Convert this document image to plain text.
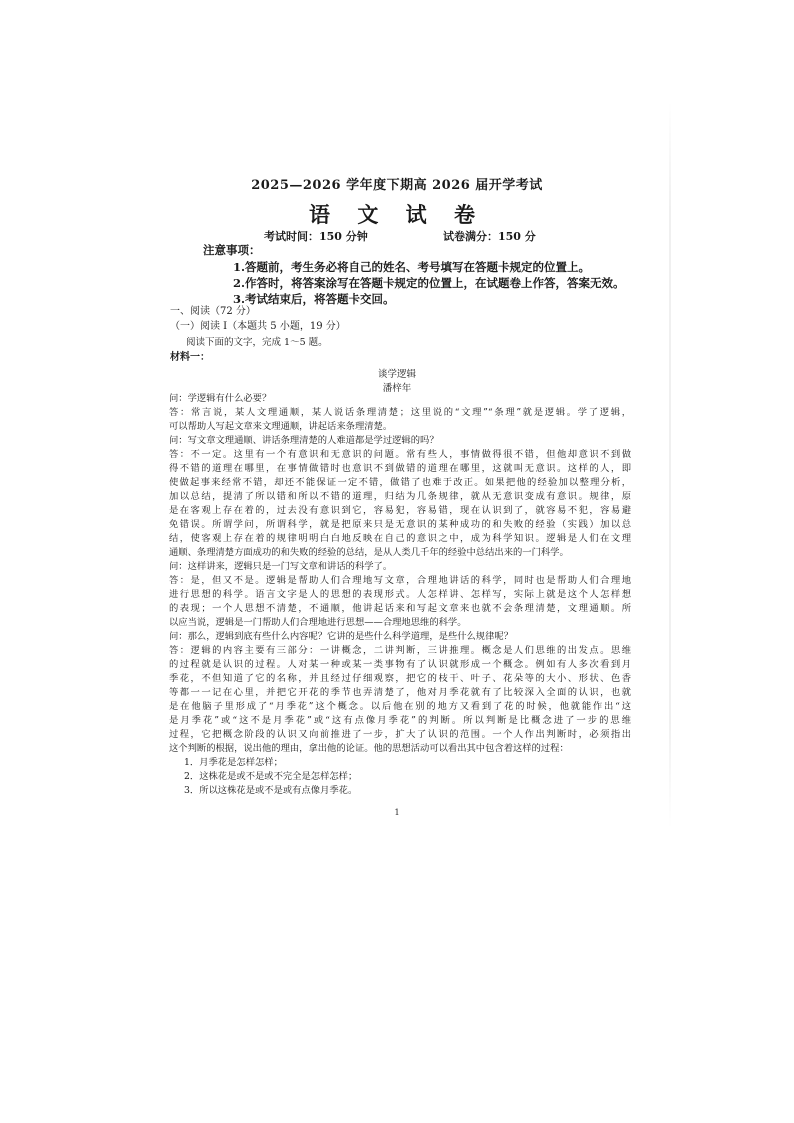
2025—2026 学年度下期高 2026 届开学考试
语 文 试 卷
考试时间：150 分钟	试卷满分：150 分
注意事项：
1.答题前，考生务必将自己的姓名、考号填写在答题卡规定的位置上。
2.作答时，将答案涂写在答题卡规定的位置上，在试题卷上作答，答案无效。
3.考试结束后，将答题卡交回。
一、阅读（72 分）
（一）阅读 I（本题共 5 小题，19 分）
阅读下面的文字，完成 1～5 题。
材料一：
谈学逻辑
潘梓年
问：学逻辑有什么必要？
答：常言说，某人文理通顺，某人说话条理清楚；这里说的“文理”“条理”就是逻辑。学了逻辑，
可以帮助人写起文章来文理通顺，讲起话来条理清楚。
问：写文章文理通顺、讲话条理清楚的人难道都是学过逻辑的吗？
答：不一定。这里有一个有意识和无意识的问题。常有些人，事情做得很不错，但他却意识不到做
得不错的道理在哪里，在事情做错时也意识不到做错的道理在哪里，这就叫无意识。这样的人，即
使做起事来经常不错，却还不能保证一定不错，做错了也难于改正。如果把他的经验加以整理分析，
加以总结，提清了所以错和所以不错的道理，归结为几条规律，就从无意识变成有意识。规律，原
是在客观上存在着的，过去没有意识到它，容易犯，容易错，现在认识到了，就容易不犯，容易避
免错误。所谓学问，所谓科学，就是把原来只是无意识的某种成功的和失败的经验（实践）加以总
结，使客观上存在着的规律明明白白地反映在自己的意识之中，成为科学知识。逻辑是人们在文理
通顺、条理清楚方面成功的和失败的经验的总结，是从人类几千年的经验中总结出来的一门科学。
问：这样讲来，逻辑只是一门写文章和讲话的科学了。
答：是，但又不是。逻辑是帮助人们合理地写文章，合理地讲话的科学，同时也是帮助人们合理地
进行思想的科学。语言文字是人的思想的表现形式。人怎样讲、怎样写，实际上就是这个人怎样想
的表现；一个人思想不清楚，不通顺，他讲起话来和写起文章来也就不会条理清楚，文理通顺。所
以应当说，逻辑是一门帮助人们合理地进行思想——合理地思维的科学。
问：那么，逻辑到底有些什么内容呢？它讲的是些什么科学道理，是些什么规律呢？
答：逻辑的内容主要有三部分：一讲概念，二讲判断，三讲推理。概念是人们思维的出发点。思维
的过程就是认识的过程。人对某一种或某一类事物有了认识就形成一个概念。例如有人多次看到月
季花，不但知道了它的名称，并且经过仔细观察，把它的枝干、叶子、花朵等的大小、形状、色香
等都一一记在心里，并把它开花的季节也弄清楚了，他对月季花就有了比较深入全面的认识，也就
是在他脑子里形成了“月季花”这个概念。以后他在别的地方又看到了花的时候，他就能作出“这
是月季花”或“这不是月季花”或“这有点像月季花”的判断。所以判断是比概念进了一步的思维
过程，它把概念阶段的认识又向前推进了一步，扩大了认识的范围。一个人作出判断时，必须指出
这个判断的根据，说出他的理由，拿出他的论证。他的思想活动可以看出其中包含着这样的过程：
1．月季花是怎样怎样；
2．这株花是或不是或不完全是怎样怎样；
3．所以这株花是或不是或有点像月季花。
1
